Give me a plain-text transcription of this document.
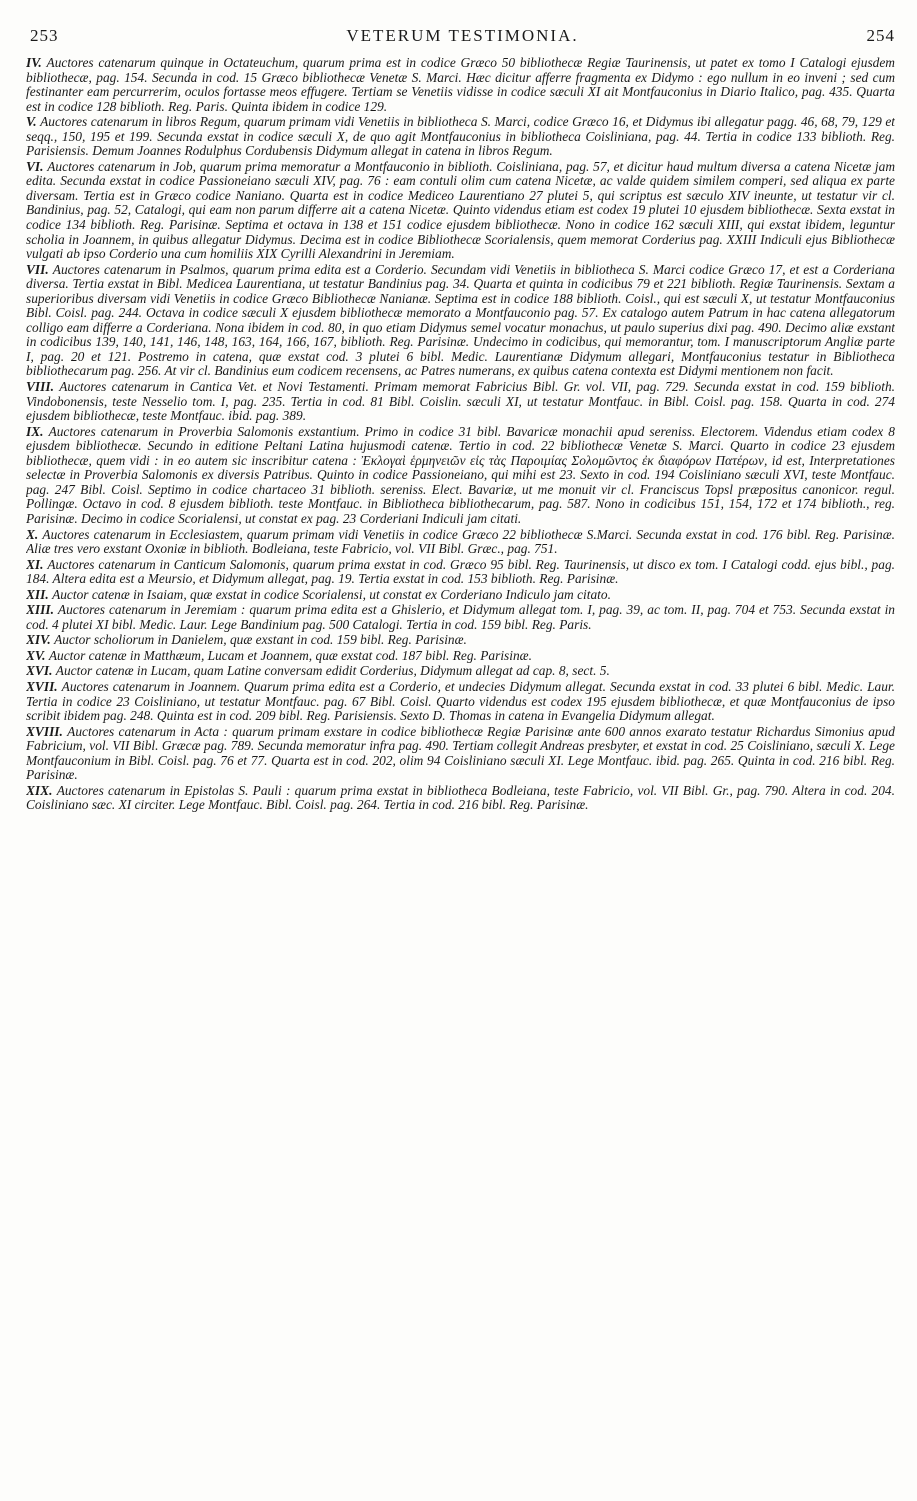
253	VETERUM TESTIMONIA.	254

IV. Auctores catenarum quinque in Octateuchum, quarum prima est in codice Græco 50 bibliothecæ Regiæ Taurinensis, ut patet ex tomo I Catalogi ejusdem bibliothecæ, pag. 154. Secunda in cod. 15 Græco bibliothecæ Venetæ S. Marci. Hæc dicitur afferre fragmenta ex Didymo : ego nullum in eo inveni ; sed cum festinanter eam percurrerim, oculos fortasse meos effugere. Tertiam se Venetiis vidisse in codice sæculi XI ait Montfauconius in Diario Italico, pag. 435. Quarta est in codice 128 biblioth. Reg. Paris. Quinta ibidem in codice 129.

V. Auctores catenarum in libros Regum, quarum primam vidi Venetiis in bibliotheca S. Marci, codice Græco 16, et Didymus ibi allegatur pagg. 46, 68, 79, 129 et seqq., 150, 195 et 199. Secunda exstat in codice sæculi X, de quo agit Montfauconius in bibliotheca Coisliniana, pag. 44. Tertia in codice 133 biblioth. Reg. Parisiensis. Demum Joannes Rodulphus Cordubensis Didymum allegat in catena in libros Regum.

VI. Auctores catenarum in Job, quarum prima memoratur a Montfauconio in biblioth. Coisliniana, pag. 57, et dicitur haud multum diversa a catena Nicetæ jam edita. Secunda exstat in codice Passioneiano sæculi XIV, pag. 76 : eam contuli olim cum catena Nicetæ, ac valde quidem similem comperi, sed aliqua ex parte diversam. Tertia est in Græco codice Naniano. Quarta est in codice Mediceo Laurentiano 27 plutei 5, qui scriptus est sæculo XIV ineunte, ut testatur vir cl. Bandinius, pag. 52, Catalogi, qui eam non parum differre ait a catena Nicetæ. Quinto videndus etiam est codex 19 plutei 10 ejusdem bibliothecæ. Sexta exstat in codice 134 biblioth. Reg. Parisinæ. Septima et octava in 138 et 151 codice ejusdem bibliothecæ. Nono in codice 162 sæculi XIII, qui exstat ibidem, leguntur scholia in Joannem, in quibus allegatur Didymus. Decima est in codice Bibliothecæ Scorialensis, quem memorat Corderius pag. XXIII Indiculi ejus Bibliothecæ vulgati ab ipso Corderio una cum homiliis XIX Cyrilli Alexandrini in Jeremiam.

VII. Auctores catenarum in Psalmos, quarum prima edita est a Corderio. Secundam vidi Venetiis in bibliotheca S. Marci codice Græco 17, et est a Corderiana diversa. Tertia exstat in Bibl. Medicea Laurentiana, ut testatur Bandinius pag. 34. Quarta et quinta in codicibus 79 et 221 biblioth. Regiæ Taurinensis. Sextam a superioribus diversam vidi Venetiis in codice Græco Bibliothecæ Nanianæ. Septima est in codice 188 biblioth. Coisl., qui est sæculi X, ut testatur Montfauconius Bibl. Coisl. pag. 244. Octava in codice sæculi X ejusdem bibliothecæ memorato a Montfauconio pag. 57. Ex catalogo autem Patrum in hac catena allegatorum colligo eam differre a Corderiana. Nona ibidem in cod. 80, in quo etiam Didymus semel vocatur monachus, ut paulo superius dixi pag. 490. Decimo aliæ exstant in codicibus 139, 140, 141, 146, 148, 163, 164, 166, 167, biblioth. Reg. Parisinæ. Undecimo in codicibus, qui memorantur, tom. I manuscriptorum Angliæ parte I, pag. 20 et 121. Postremo in catena, quæ exstat cod. 3 plutei 6 bibl. Medic. Laurentianæ Didymum allegari, Montfauconius testatur in Bibliotheca bibliothecarum pag. 256. At vir cl. Bandinius eum codicem recensens, ac Patres numerans, ex quibus catena contexta est Didymi mentionem non facit.

VIII. Auctores catenarum in Cantica Vet. et Novi Testamenti. Primam memorat Fabricius Bibl. Gr. vol. VII, pag. 729. Secunda exstat in cod. 159 biblioth. Vindobonensis, teste Nesselio tom. I, pag. 235. Tertia in cod. 81 Bibl. Coislin. sæculi XI, ut testatur Montfauc. in Bibl. Coisl. pag. 158. Quarta in cod. 274 ejusdem bibliothecæ, teste Montfauc. ibid. pag. 389.

IX. Auctores catenarum in Proverbia Salomonis exstantium. Primo in codice 31 bibl. Bavaricæ monachii apud sereniss. Electorem. Videndus etiam codex 8 ejusdem bibliothecæ. Secundo in editione Peltani Latina hujusmodi catenæ. Tertio in cod. 22 bibliothecæ Venetæ S. Marci. Quarto in codice 23 ejusdem bibliothecæ, quem vidi : in eo autem sic inscribitur catena : Ἐκλογαὶ ἑρμηνειῶν εἰς τὰς Παροιμίας Σολομῶντος ἐκ διαφόρων Πατέρων, id est, Interpretationes selectæ in Proverbia Salomonis ex diversis Patribus. Quinto in codice Passioneiano, qui mihi est 23. Sexto in cod. 194 Coisliniano sæculi XVI, teste Montfauc. pag. 247 Bibl. Coisl. Septimo in codice chartaceo 31 biblioth. sereniss. Elect. Bavariæ, ut me monuit vir cl. Franciscus Topsl præpositus canonicor. regul. Pollingæ. Octavo in cod. 8 ejusdem biblioth. teste Montfauc. in Bibliotheca bibliothecarum, pag. 587. Nono in codicibus 151, 154, 172 et 174 biblioth., reg. Parisinæ. Decimo in codice Scorialensi, ut constat ex pag. 23 Corderiani Indiculi jam citati.

X. Auctores catenarum in Ecclesiastem, quarum primam vidi Venetiis in codice Græco 22 bibliothecæ S.Marci. Secunda exstat in cod. 176 bibl. Reg. Parisinæ. Aliæ tres vero exstant Oxoniæ in biblioth. Bodleiana, teste Fabricio, vol. VII Bibl. Græc., pag. 751.

XI. Auctores catenarum in Canticum Salomonis, quarum prima exstat in cod. Græco 95 bibl. Reg. Taurinensis, ut disco ex tom. I Catalogi codd. ejus bibl., pag. 184. Altera edita est a Meursio, et Didymum allegat, pag. 19. Tertia exstat in cod. 153 biblioth. Reg. Parisinæ.

XII. Auctor catenæ in Isaiam, quæ exstat in codice Scorialensi, ut constat ex Corderiano Indiculo jam citato.

XIII. Auctores catenarum in Jeremiam : quarum prima edita est a Ghislerio, et Didymum allegat tom. I, pag. 39, ac tom. II, pag. 704 et 753. Secunda exstat in cod. 4 plutei XI bibl. Medic. Laur. Lege Bandinium pag. 500 Catalogi. Tertia in cod. 159 bibl. Reg. Paris.

XIV. Auctor scholiorum in Danielem, quæ exstant in cod. 159 bibl. Reg. Parisinæ.

XV. Auctor catenæ in Matthæum, Lucam et Joannem, quæ exstat cod. 187 bibl. Reg. Parisinæ.

XVI. Auctor catenæ in Lucam, quam Latine conversam edidit Corderius, Didymum allegat ad cap. 8, sect. 5.

XVII. Auctores catenarum in Joannem. Quarum prima edita est a Corderio, et undecies Didymum allegat. Secunda exstat in cod. 33 plutei 6 bibl. Medic. Laur. Tertia in codice 23 Coisliniano, ut testatur Montfauc. pag. 67 Bibl. Coisl. Quarto videndus est codex 195 ejusdem bibliothecæ, et quæ Montfauconius de ipso scribit ibidem pag. 248. Quinta est in cod. 209 bibl. Reg. Parisiensis. Sexto D. Thomas in catena in Evangelia Didymum allegat.

XVIII. Auctores catenarum in Acta : quarum primam exstare in codice bibliothecæ Regiæ Parisinæ ante 600 annos exarato testatur Richardus Simonius apud Fabricium, vol. VII Bibl. Græcæ pag. 789. Secunda memoratur infra pag. 490. Tertiam collegit Andreas presbyter, et exstat in cod. 25 Coisliniano, sæculi X. Lege Montfauconium in Bibl. Coisl. pag. 76 et 77. Quarta est in cod. 202, olim 94 Coisliniano sæculi XI. Lege Montfauc. ibid. pag. 265. Quinta in cod. 216 bibl. Reg. Parisinæ.

XIX. Auctores catenarum in Epistolas S. Pauli : quarum prima exstat in bibliotheca Bodleiana, teste Fabricio, vol. VII Bibl. Gr., pag. 790. Altera in cod. 204. Coisliniano sæc. XI circiter. Lege Montfauc. Bibl. Coisl. pag. 264. Tertia in cod. 216 bibl. Reg. Parisinæ.
